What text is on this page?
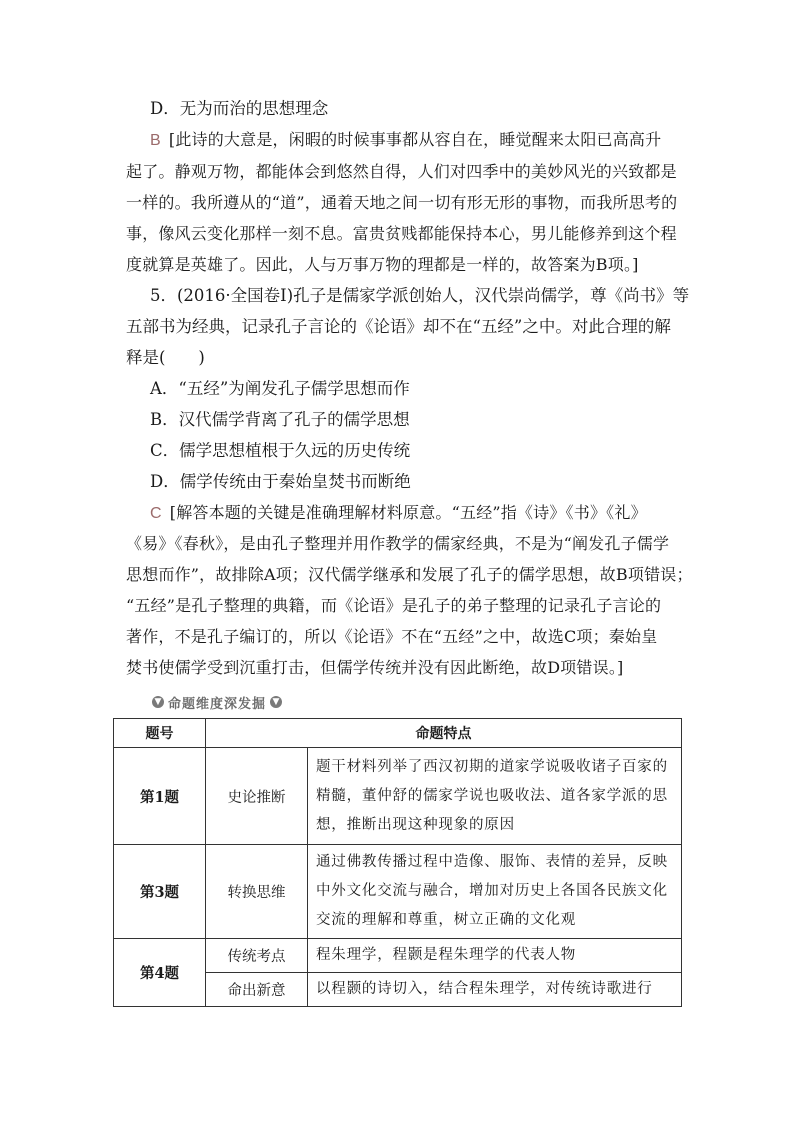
D．无为而治的思想理念
B [此诗的大意是，闲暇的时候事事都从容自在，睡觉醒来太阳已高高升
起了。静观万物，都能体会到悠然自得，人们对四季中的美妙风光的兴致都是
一样的。我所遵从的“道”，通着天地之间一切有形无形的事物，而我所思考的
事，像风云变化那样一刻不息。富贵贫贱都能保持本心，男儿能修养到这个程
度就算是英雄了。因此，人与万事万物的理都是一样的，故答案为B项。]
5．(2016·全国卷Ⅰ)孔子是儒家学派创始人，汉代崇尚儒学，尊《尚书》等
五部书为经典，记录孔子言论的《论语》却不在“五经”之中。对此合理的解
释是(　　)
A．“五经”为阐发孔子儒学思想而作
B．汉代儒学背离了孔子的儒学思想
C．儒学思想植根于久远的历史传统
D．儒学传统由于秦始皇焚书而断绝
C [解答本题的关键是准确理解材料原意。“五经”指《诗》《书》《礼》
《易》《春秋》，是由孔子整理并用作教学的儒家经典，不是为“阐发孔子儒学
思想而作”，故排除A项；汉代儒学继承和发展了孔子的儒学思想，故B项错误；
“五经”是孔子整理的典籍，而《论语》是孔子的弟子整理的记录孔子言论的
著作，不是孔子编订的，所以《论语》不在“五经”之中，故选C项；秦始皇
焚书使儒学受到沉重打击，但儒学传统并没有因此断绝，故D项错误。]
▼ 命题维度深发掘 ▼
题号	命题特点	
第1题	史论推断	题干材料列举了西汉初期的道家学说吸收诸子百家的精髓，董仲舒的儒家学说也吸收法、道各家学派的思想，推断出现这种现象的原因
第3题	转换思维	通过佛教传播过程中造像、服饰、表情的差异，反映中外文化交流与融合，增加对历史上各国各民族文化交流的理解和尊重，树立正确的文化观
第4题	传统考点	程朱理学，程颢是程朱理学的代表人物
	命出新意	以程颢的诗切入，结合程朱理学，对传统诗歌进行
